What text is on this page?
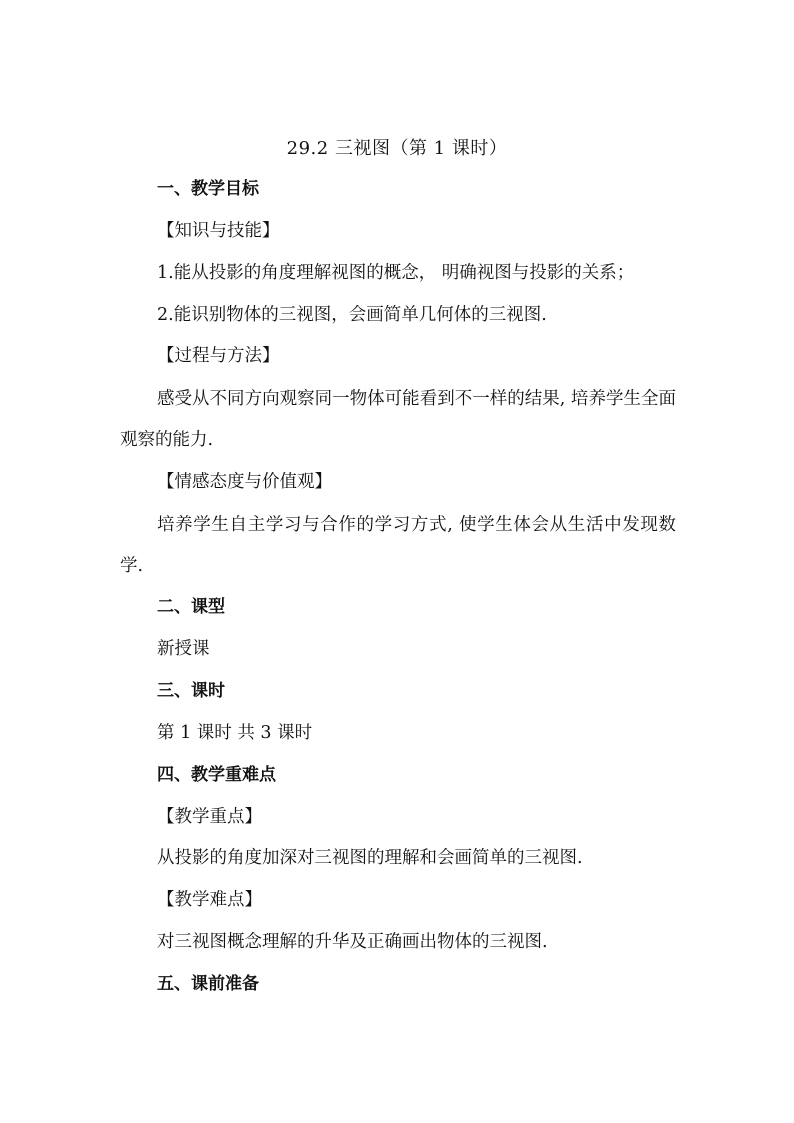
29.2 三视图（第 1 课时）
一、教学目标
【知识与技能】
1.能从投影的角度理解视图的概念， 明确视图与投影的关系；
2.能识别物体的三视图，会画简单几何体的三视图.
【过程与方法】
感受从不同方向观察同一物体可能看到不一样的结果, 培养学生全面观察的能力.
【情感态度与价值观】
培养学生自主学习与合作的学习方式, 使学生体会从生活中发现数学.
二、课型
新授课
三、课时
第 1 课时 共 3 课时
四、教学重难点
【教学重点】
从投影的角度加深对三视图的理解和会画简单的三视图.
【教学难点】
对三视图概念理解的升华及正确画出物体的三视图.
五、课前准备
